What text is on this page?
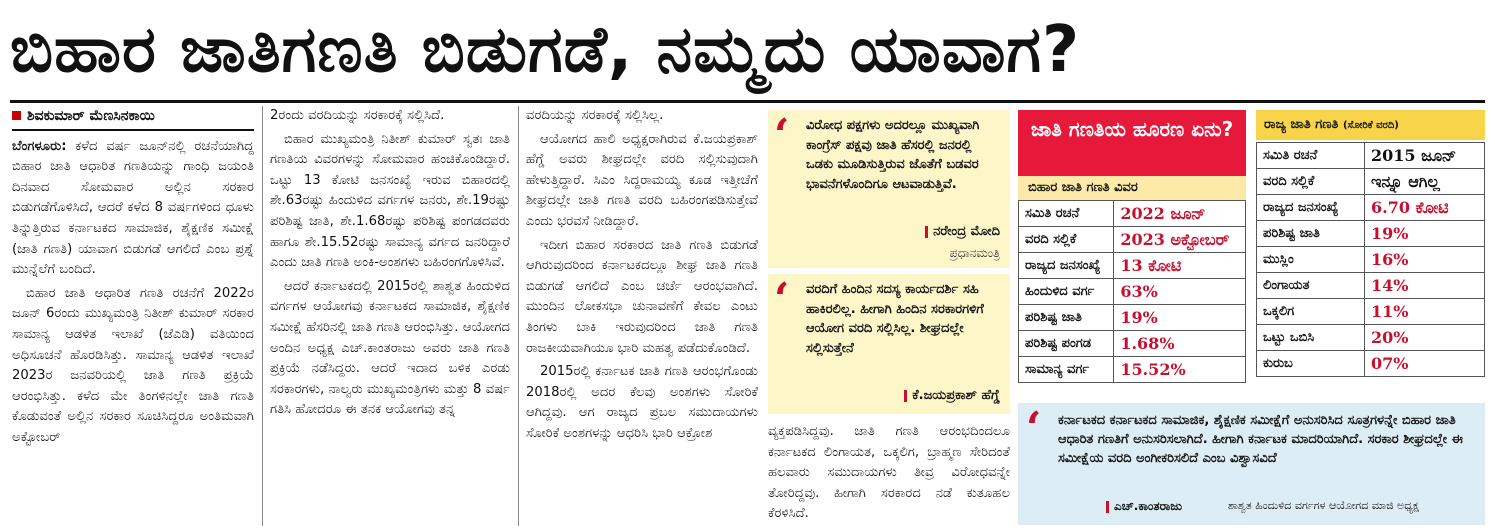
ಬಿಹಾರ ಜಾತಿಗಣತಿ ಬಿಡುಗಡೆ, ನಮ್ಮದು ಯಾವಾಗ?
ಶಿವಕುಮಾರ್ ಮೆಣಸಿನಕಾಯಿ

ಬೆಂಗಳೂರು: ಕಳೆದ ವರ್ಷ ಜೂನ್‌ನಲ್ಲಿ ರಚನೆಯಾಗಿದ್ದ ಬಿಹಾರ ಜಾತಿ ಆಧಾರಿತ ಗಣತಿಯನ್ನು ಗಾಂಧಿ ಜಯಂತಿ ದಿನವಾದ ಸೋಮವಾರ ಅಲ್ಲಿನ ಸರಕಾರ ಬಿಡುಗಡೆಗೊಳಿಸಿದೆ, ಆದರೆ ಕಳೆದ 8 ವರ್ಷಗಳಿಂದ ಧೂಳು ತಿನ್ನುತ್ತಿರುವ ಕರ್ನಾಟಕದ ಸಾಮಾಜಿಕ, ಶೈಕ್ಷಣಿಕ ಸಮೀಕ್ಷೆ (ಜಾತಿ ಗಣತಿ) ಯಾವಾಗ ಬಿಡುಗಡೆ ಆಗಲಿದೆ ಎಂಬ ಪ್ರಶ್ನೆ ಮುನ್ನೆಲೆಗೆ ಬಂದಿದೆ.

ಬಿಹಾರ ಜಾತಿ ಆಧಾರಿತ ಗಣತಿ ರಚನೆಗೆ 2022ರ ಜೂನ್ 6ರಂದು ಮುಖ್ಯಮಂತ್ರಿ ನಿತೀಶ್ ಕುಮಾರ್ ಸರಕಾರ ಸಾಮಾನ್ಯ ಆಡಳಿತ ಇಲಾಖೆ (ಜೆಎಡಿ) ವತಿಯಿಂದ ಅಧಿಸೂಚನೆ ಹೊರಡಿಸಿತ್ತು. ಸಾಮಾನ್ಯ ಆಡಳಿತ ಇಲಾಖೆ 2023ರ ಜನವರಿಯಲ್ಲಿ ಜಾತಿ ಗಣತಿ ಪ್ರಕ್ರಿಯೆ ಆರಂಭಿಸಿತ್ತು. ಕಳೆದ ಮೇ ತಿಂಗಳಿನಲ್ಲೇ ಜಾತಿ ಗಣತಿ ಕೊಡುವಂತೆ ಅಲ್ಲಿನ ಸರಕಾರ ಸೂಚಿಸಿದ್ದರೂ ಅಂತಿಮವಾಗಿ ಅಕ್ಟೋಬರ್

2ರಂದು ವರದಿಯನ್ನು ಸರಕಾರಕ್ಕೆ ಸಲ್ಲಿಸಿದೆ.

ಬಿಹಾರ ಮುಖ್ಯಮಂತ್ರಿ ನಿತೀಶ್ ಕುಮಾರ್ ಸ್ವತಃ ಜಾತಿ ಗಣತಿಯ ವಿವರಗಳನ್ನು ಸೋಮವಾರ ಹಂಚಿಕೊಂಡಿದ್ದಾರೆ. ಒಟ್ಟು 13 ಕೋಟಿ ಜನಸಂಖ್ಯೆ ಇರುವ ಬಿಹಾರದಲ್ಲಿ ಶೇ.63ರಷ್ಟು ಹಿಂದುಳಿದ ವರ್ಗಗಳ ಜನರು, ಶೇ.19ರಷ್ಟು ಪರಿಶಿಷ್ಟ ಜಾತಿ, ಶೇ.1.68ರಷ್ಟು ಪರಿಶಿಷ್ಟ ಪಂಗಡದವರು ಹಾಗೂ ಶೇ.15.52ರಷ್ಟು ಸಾಮಾನ್ಯ ವರ್ಗದ ಜನರಿದ್ದಾರೆ ಎಂದು ಜಾತಿ ಗಣತಿ ಅಂಕಿ-ಅಂಶಗಳು ಬಹಿರಂಗಗೊಳಿಸಿವೆ.

ಆದರೆ ಕರ್ನಾಟಕದಲ್ಲಿ 2015ರಲ್ಲಿ ಶಾಶ್ವತ ಹಿಂದುಳಿದ ವರ್ಗಗಳ ಆಯೋಗವು ಕರ್ನಾಟಕದ ಸಾಮಾಜಿಕ, ಶೈಕ್ಷಣಿಕ ಸಮೀಕ್ಷೆ ಹೆಸರಿನಲ್ಲಿ ಜಾತಿ ಗಣತಿ ಆರಂಭಿಸಿತ್ತು. ಆಯೋಗದ ಅಂದಿನ ಅಧ್ಯಕ್ಷ ಎಚ್.ಕಾಂತರಾಜು ಅವರು ಜಾತಿ ಗಣತಿ ಪ್ರಕ್ರಿಯೆ ನಡೆಸಿದ್ದರು. ಆದರೆ ಇದಾದ ಬಳಿಕ ಎರಡು ಸರಕಾರಗಳು, ನಾಲ್ವರು ಮುಖ್ಯಮಂತ್ರಿಗಳು ಮತ್ತು 8 ವರ್ಷ ಗತಿಸಿ ಹೋದರೂ ಈ ತನಕ ಆಯೋಗವು ತನ್ನ

ವರದಿಯನ್ನು ಸರಕಾರಕ್ಕೆ ಸಲ್ಲಿಸಿಲ್ಲ.

ಆಯೋಗದ ಹಾಲಿ ಅಧ್ಯಕ್ಷರಾಗಿರುವ ಕೆ.ಜಯಪ್ರಕಾಶ್ ಹೆಗ್ಡೆ ಅವರು ಶೀಘ್ರದಲ್ಲೇ ವರದಿ ಸಲ್ಲಿಸುವುದಾಗಿ ಹೇಳುತ್ತಿದ್ದಾರೆ. ಸಿಎಂ ಸಿದ್ದರಾಮಯ್ಯ ಕೂಡ ಇತ್ತೀಚೆಗೆ ಶೀಘ್ರದಲ್ಲೇ ಜಾತಿ ಗಣತಿ ವರದಿ ಬಹಿರಂಗಪಡಿಸುತ್ತೇವೆ ಎಂದು ಭರವಸೆ ನೀಡಿದ್ದಾರೆ.

ಇದೀಗ ಬಿಹಾರ ಸರಕಾರದ ಜಾತಿ ಗಣತಿ ಬಿಡುಗಡೆ ಆಗಿರುವುದರಿಂದ ಕರ್ನಾಟಕದಲ್ಲೂ ಶೀಘ್ರ ಜಾತಿ ಗಣತಿ ಬಿಡುಗಡೆ ಆಗಲಿದೆ ಎಂಬ ಚರ್ಚೆ ಆರಂಭವಾಗಿದೆ. ಮುಂದಿನ ಲೋಕಸಭಾ ಚುನಾವಣೆಗೆ ಕೇವಲ ಎಂಟು ತಿಂಗಳು ಬಾಕಿ ಇರುವುದರಿಂದ ಜಾತಿ ಗಣತಿ ರಾಜಕೀಯವಾಗಿಯೂ ಭಾರಿ ಮಹತ್ವ ಪಡೆದುಕೊಂಡಿದೆ.

2015ರಲ್ಲಿ ಕರ್ನಾಟಕ ಜಾತಿ ಗಣತಿ ಆರಂಭಗೊಂಡು 2018ರಲ್ಲಿ ಅದರ ಕೆಲವು ಅಂಶಗಳು ಸೋರಿಕೆ ಆಗಿದ್ದವು. ಆಗ ರಾಜ್ಯದ ಪ್ರಬಲ ಸಮುದಾಯಗಳು ಸೋರಿಕೆ ಅಂಶಗಳನ್ನು ಆಧರಿಸಿ ಭಾರಿ ಆಕ್ರೋಶ

‘ ವಿರೋಧ ಪಕ್ಷಗಳು ಅದರಲ್ಲೂ ಮುಖ್ಯವಾಗಿ ಕಾಂಗ್ರೆಸ್ ಪಕ್ಷವು ಜಾತಿ ಹೆಸರಲ್ಲಿ ಜನರಲ್ಲಿ ಒಡಕು ಮೂಡಿಸುತ್ತಿರುವ ಜೊತೆಗೆ ಬಡವರ ಭಾವನೆಗಳೊಂದಿಗೂ ಆಟವಾಡುತ್ತಿವೆ.
ನರೇಂದ್ರ ಮೋದಿ
ಪ್ರಧಾನಮಂತ್ರಿ
‘ ವರದಿಗೆ ಹಿಂದಿನ ಸದಸ್ಯ ಕಾರ್ಯದರ್ಶಿ ಸಹಿ ಹಾಕಿರಲಿಲ್ಲ. ಹೀಗಾಗಿ ಹಿಂದಿನ ಸರಕಾರಗಳಿಗೆ ಆಯೋಗ ವರದಿ ಸಲ್ಲಿಸಿಲ್ಲ. ಶೀಘ್ರದಲ್ಲೇ ಸಲ್ಲಿಸುತ್ತೇನೆ
ಕೆ.ಜಯಪ್ರಕಾಶ್ ಹೆಗ್ಡೆ

ವ್ಯಕ್ತಪಡಿಸಿದ್ದವು. ಜಾತಿ ಗಣತಿ ಆರಂಭದಿಂದಲೂ ಕರ್ನಾಟಕದ ಲಿಂಗಾಯತ, ಒಕ್ಕಲಿಗ, ಬ್ರಾಹ್ಮಣ ಸೇರಿದಂತೆ ಹಲವಾರು ಸಮುದಾಯಗಳು ತೀವ್ರ ವಿರೋಧವನ್ನೇ ತೋರಿದ್ದವು. ಹೀಗಾಗಿ ಸರಕಾರದ ನಡೆ ಕುತೂಹಲ ಕೆರಳಿಸಿದೆ.

ಜಾತಿ ಗಣತಿಯ ಹೂರಣ ಏನು?
ಬಿಹಾರ ಜಾತಿ ಗಣತಿ ವಿವರ
ಸಮಿತಿ ರಚನೆ	2022 ಜೂನ್
ವರದಿ ಸಲ್ಲಿಕೆ	2023 ಅಕ್ಟೋಬರ್
ರಾಜ್ಯದ ಜನಸಂಖ್ಯೆ	13 ಕೋಟಿ
ಹಿಂದುಳಿದ ವರ್ಗ	63%
ಪರಿಶಿಷ್ಟ ಜಾತಿ	19%
ಪರಿಶಿಷ್ಟ ಪಂಗಡ	1.68%
ಸಾಮಾನ್ಯ ವರ್ಗ	15.52%
ರಾಜ್ಯ ಜಾತಿ ಗಣತಿ (ಸೋರಿಕೆ ವರದಿ)
ಸಮಿತಿ ರಚನೆ	2015 ಜೂನ್
ವರದಿ ಸಲ್ಲಿಕೆ	ಇನ್ನೂ ಆಗಿಲ್ಲ
ರಾಜ್ಯದ ಜನಸಂಖ್ಯೆ	6.70 ಕೋಟಿ
ಪರಿಶಿಷ್ಟ ಜಾತಿ	19%
ಮುಸ್ಲಿಂ	16%
ಲಿಂಗಾಯತ	14%
ಒಕ್ಕಲಿಗ	11%
ಒಟ್ಟು ಒಬಿಸಿ	20%
ಕುರುಬ	07%
‘ ಕರ್ನಾಟಕದ ಕರ್ನಾಟಕದ ಸಾಮಾಜಿಕ, ಶೈಕ್ಷಣಿಕ ಸಮೀಕ್ಷೆಗೆ ಅನುಸರಿಸಿದ ಸೂತ್ರಗಳನ್ನೇ ಬಿಹಾರ ಜಾತಿ ಆಧಾರಿತ ಗಣತಿಗೆ ಅನುಸರಿಸಲಾಗಿದೆ. ಹೀಗಾಗಿ ಕರ್ನಾಟಕ ಮಾದರಿಯಾಗಿದೆ. ಸರಕಾರ ಶೀಘ್ರದಲ್ಲೇ ಈ ಸಮೀಕ್ಷೆಯ ವರದಿ ಅಂಗೀಕರಿಸಲಿದೆ ಎಂಬ ವಿಶ್ವಾಸವಿದೆ
ಎಚ್.ಕಾಂತರಾಜು	ಶಾಶ್ವತ ಹಿಂದುಳಿದ ವರ್ಗಗಳ ಆಯೋಗದ ಮಾಜಿ ಅಧ್ಯಕ್ಷ
